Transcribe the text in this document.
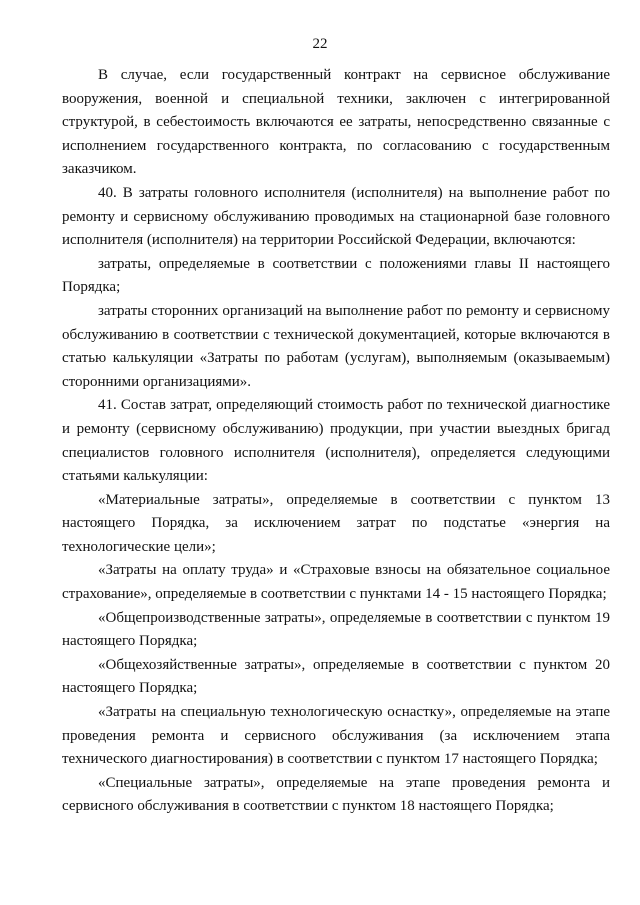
22

В случае, если государственный контракт на сервисное обслуживание вооружения, военной и специальной техники, заключен с интегрированной структурой, в себестоимость включаются ее затраты, непосредственно связанные с исполнением государственного контракта, по согласованию с государственным заказчиком.

40. В затраты головного исполнителя (исполнителя) на выполнение работ по ремонту и сервисному обслуживанию проводимых на стационарной базе головного исполнителя (исполнителя) на территории Российской Федерации, включаются:

затраты, определяемые в соответствии с положениями главы II настоящего Порядка;

затраты сторонних организаций на выполнение работ по ремонту и сервисному обслуживанию в соответствии с технической документацией, которые включаются в статью калькуляции «Затраты по работам (услугам), выполняемым (оказываемым) сторонними организациями».

41. Состав затрат, определяющий стоимость работ по технической диагностике и ремонту (сервисному обслуживанию) продукции, при участии выездных бригад специалистов головного исполнителя (исполнителя), определяется следующими статьями калькуляции:

«Материальные затраты», определяемые в соответствии с пунктом 13 настоящего Порядка, за исключением затрат по подстатье «энергия на технологические цели»;

«Затраты на оплату труда» и «Страховые взносы на обязательное социальное страхование», определяемые в соответствии с пунктами 14 - 15 настоящего Порядка;

«Общепроизводственные затраты», определяемые в соответствии с пунктом 19 настоящего Порядка;

«Общехозяйственные затраты», определяемые в соответствии с пунктом 20 настоящего Порядка;

«Затраты на специальную технологическую оснастку», определяемые на этапе проведения ремонта и сервисного обслуживания (за исключением этапа технического диагностирования) в соответствии с пунктом 17 настоящего Порядка;

«Специальные затраты», определяемые на этапе проведения ремонта и сервисного обслуживания в соответствии с пунктом 18 настоящего Порядка;
